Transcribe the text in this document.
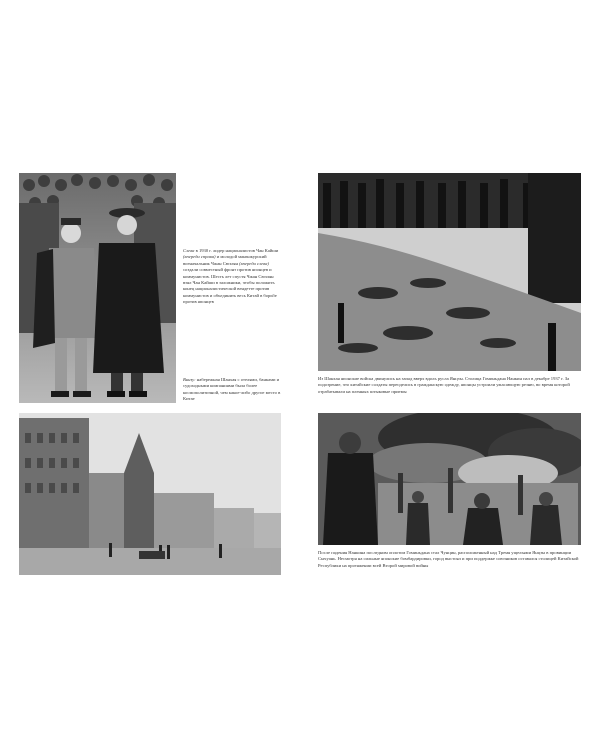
Слева в 1930 г. лидер националистов Чан Кайши (впереди справа) и молодой маньчжурский военачальник Чжан Сюэлян (впереди слева) создали совместный фронт против японцев и коммунистов. Шесть лет спустя Чжан Сюэлян взял Чан Кайши в заложники, чтобы положить конец националистической вендетте против коммунистов и объединить весь Китай в борьбе против японцев
Внизу: набережная Шанхая с отелями, банками и судоходными компаниями была более космополитичной, чем какое-либо другое место в Китае
Из Шанхая японские войска двинулись на запад вверх вдоль русла Янцзы. Столица Гоминьдана Нанкин пал в декабре 1937 г. За подозрение, что китайские солдаты переоделись в гражданскую одежду, японцы устроили ужасающую резню, во время которой отрабатывали на пленных штыковые приемы
После падения Нанкина последним оплотом Гоминьдана стал Чунцин, расположенный над Тремя ущельями Янцзы в провинции Сычуань. Несмотря на сильные японские бомбардировки, город выстоял и при поддержке союзников оставался столицей Китайской Республики на протяжении всей Второй мировой войны
